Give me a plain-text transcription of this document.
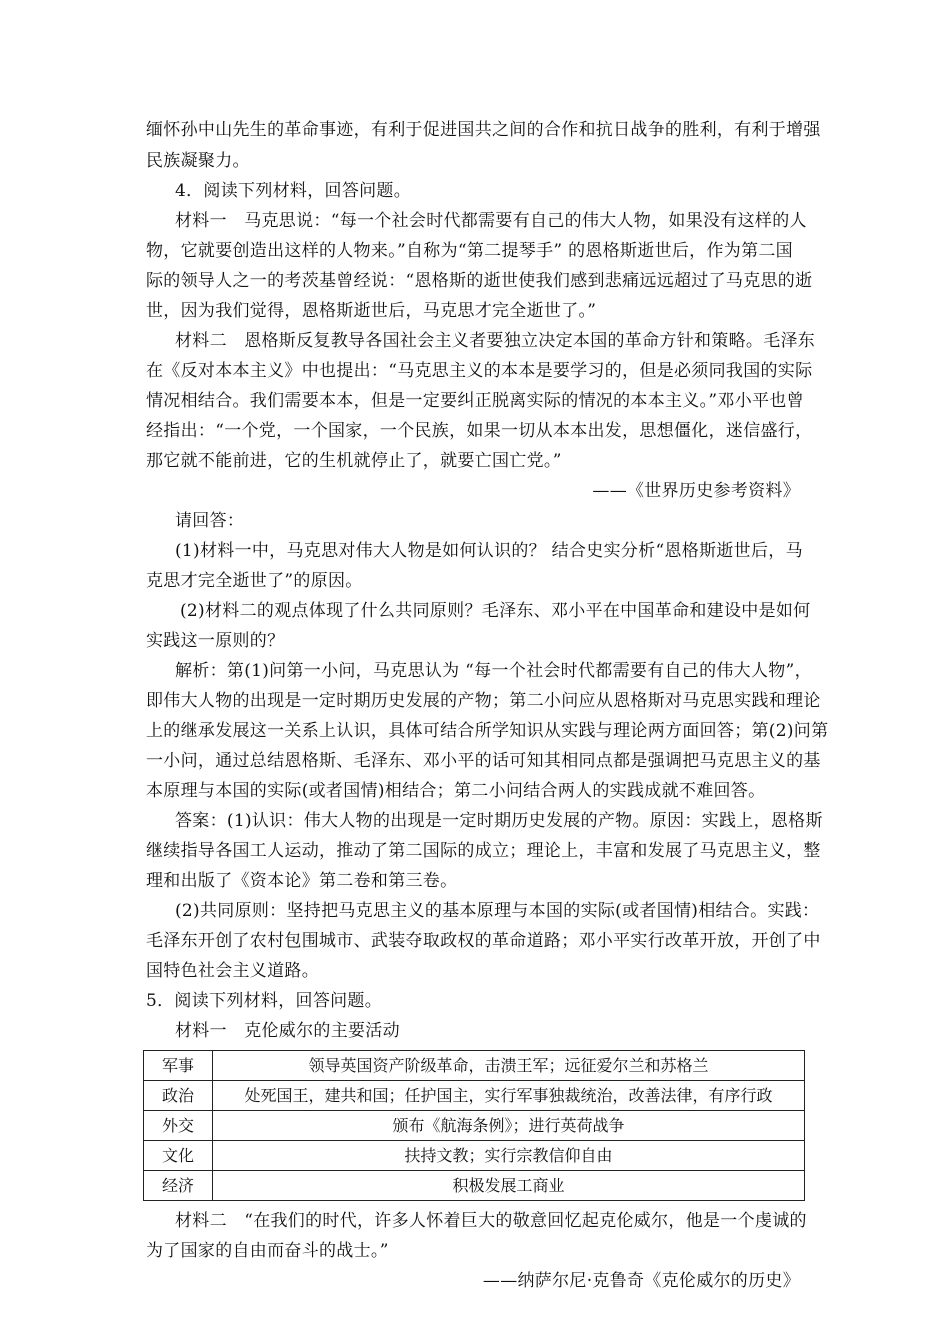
缅怀孙中山先生的革命事迹，有利于促进国共之间的合作和抗日战争的胜利，有利于增强
民族凝聚力。
4．阅读下列材料，回答问题。
材料一　马克思说：“每一个社会时代都需要有自己的伟大人物，如果没有这样的人
物，它就要创造出这样的人物来。”自称为“第二提琴手” 的恩格斯逝世后，作为第二国
际的领导人之一的考茨基曾经说：“恩格斯的逝世使我们感到悲痛远远超过了马克思的逝
世，因为我们觉得，恩格斯逝世后，马克思才完全逝世了。”
材料二　恩格斯反复教导各国社会主义者要独立决定本国的革命方针和策略。毛泽东
在《反对本本主义》中也提出：“马克思主义的本本是要学习的，但是必须同我国的实际
情况相结合。我们需要本本，但是一定要纠正脱离实际的情况的本本主义。”邓小平也曾
经指出：“一个党，一个国家，一个民族，如果一切从本本出发，思想僵化，迷信盛行，
那它就不能前进，它的生机就停止了，就要亡国亡党。”
——《世界历史参考资料》
请回答：
(1)材料一中，马克思对伟大人物是如何认识的？ 结合史实分析“恩格斯逝世后，马
克思才完全逝世了”的原因。
(2)材料二的观点体现了什么共同原则？毛泽东、邓小平在中国革命和建设中是如何
实践这一原则的？
解析：第(1)问第一小问，马克思认为 “每一个社会时代都需要有自己的伟大人物”，
即伟大人物的出现是一定时期历史发展的产物；第二小问应从恩格斯对马克思实践和理论
上的继承发展这一关系上认识，具体可结合所学知识从实践与理论两方面回答；第(2)问第
一小问，通过总结恩格斯、毛泽东、邓小平的话可知其相同点都是强调把马克思主义的基
本原理与本国的实际(或者国情)相结合；第二小问结合两人的实践成就不难回答。
答案：(1)认识：伟大人物的出现是一定时期历史发展的产物。原因：实践上，恩格斯
继续指导各国工人运动，推动了第二国际的成立；理论上，丰富和发展了马克思主义，整
理和出版了《资本论》第二卷和第三卷。
(2)共同原则：坚持把马克思主义的基本原理与本国的实际(或者国情)相结合。实践：
毛泽东开创了农村包围城市、武装夺取政权的革命道路；邓小平实行改革开放，开创了中
国特色社会主义道路。
5．阅读下列材料，回答问题。
材料一　克伦威尔的主要活动
军事	领导英国资产阶级革命，击溃王军；远征爱尔兰和苏格兰
政治	处死国王，建共和国；任护国主，实行军事独裁统治，改善法律，有序行政
外交	颁布《航海条例》；进行英荷战争
文化	扶持文教；实行宗教信仰自由
经济	积极发展工商业
材料二　“在我们的时代，许多人怀着巨大的敬意回忆起克伦威尔，他是一个虔诚的
为了国家的自由而奋斗的战士。”
——纳萨尔尼·克鲁奇《克伦威尔的历史》
